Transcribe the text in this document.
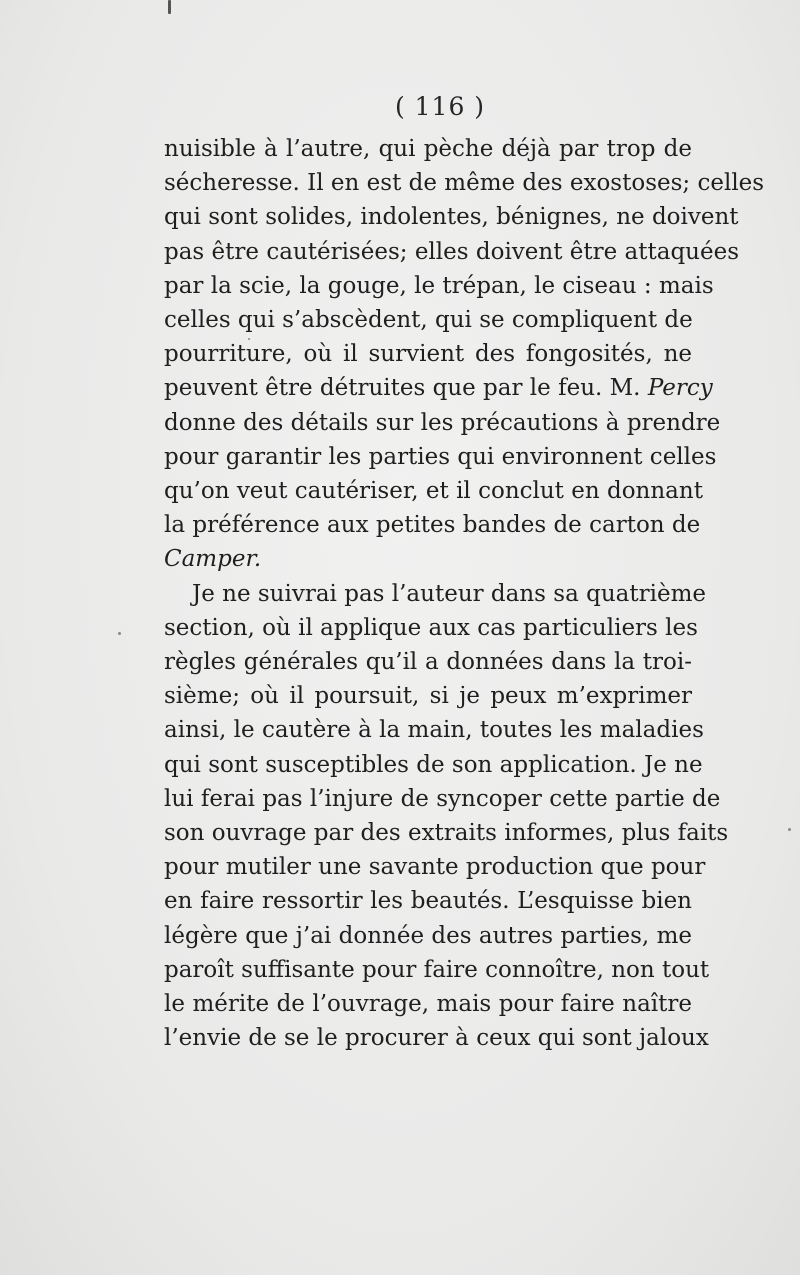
( 116 )
nuisible à l’autre, qui pèche déjà par trop de
sécheresse. Il en est de même des exostoses; celles
qui sont solides, indolentes, bénignes, ne doivent
pas être cautérisées; elles doivent être attaquées
par la scie, la gouge, le trépan, le ciseau : mais
celles qui s’abscèdent, qui se compliquent de
pourriture, où il survient des fongosités, ne
peuvent être détruites que par le feu. M. Percy
donne des détails sur les précautions à prendre
pour garantir les parties qui environnent celles
qu’on veut cautériser, et il conclut en donnant
la préférence aux petites bandes de carton de
Camper.
Je ne suivrai pas l’auteur dans sa quatrième
section, où il applique aux cas particuliers les
règles générales qu’il a données dans la troi-
sième; où il poursuit, si je peux m’exprimer
ainsi, le cautère à la main, toutes les maladies
qui sont susceptibles de son application. Je ne
lui ferai pas l’injure de syncoper cette partie de
son ouvrage par des extraits informes, plus faits
pour mutiler une savante production que pour
en faire ressortir les beautés. L’esquisse bien
légère que j’ai donnée des autres parties, me
paroît suffisante pour faire connoître, non tout
le mérite de l’ouvrage, mais pour faire naître
l’envie de se le procurer à ceux qui sont jaloux
